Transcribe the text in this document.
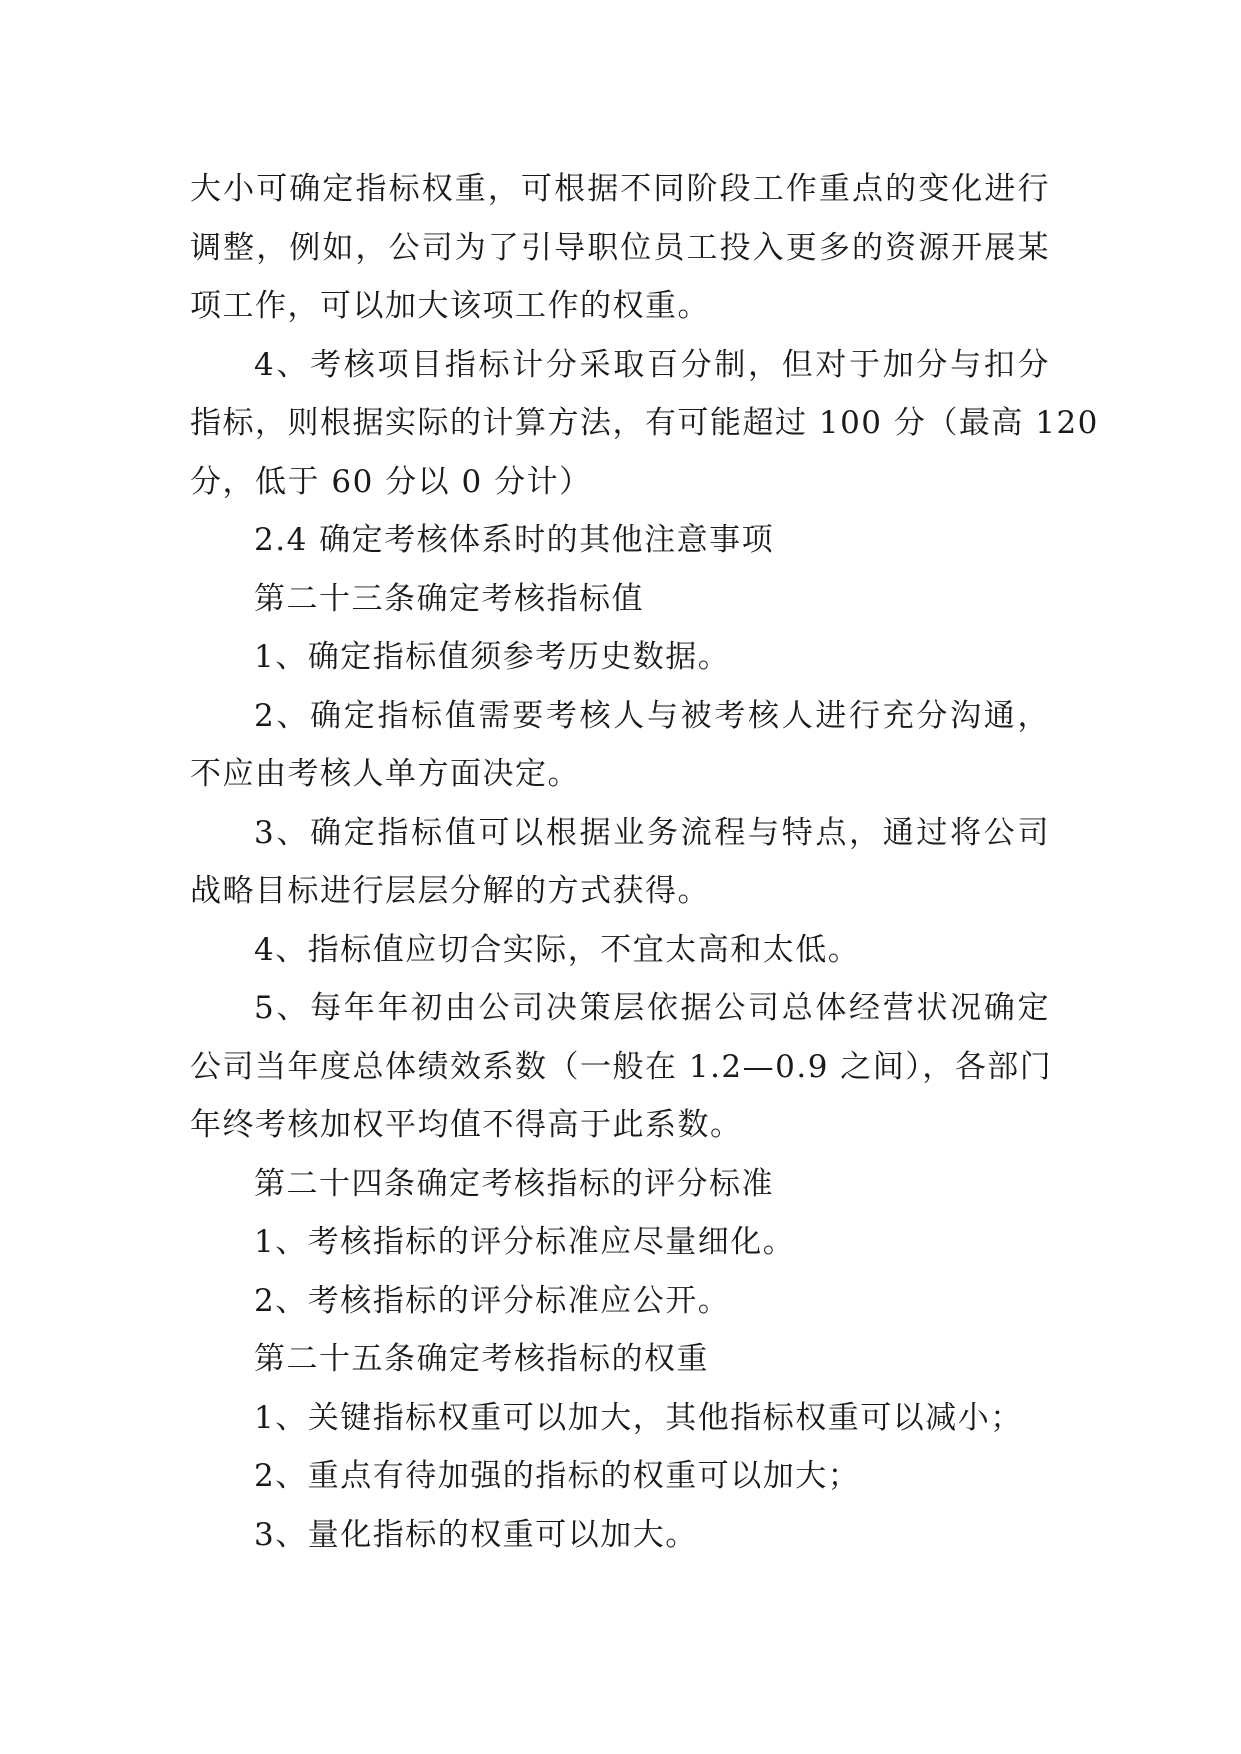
大小可确定指标权重，可根据不同阶段工作重点的变化进行
调整，例如，公司为了引导职位员工投入更多的资源开展某
项工作，可以加大该项工作的权重。
4、考核项目指标计分采取百分制，但对于加分与扣分
指标，则根据实际的计算方法，有可能超过 100 分（最高 120
分，低于 60 分以 0 分计）
2.4 确定考核体系时的其他注意事项
第二十三条确定考核指标值
1、确定指标值须参考历史数据。
2、确定指标值需要考核人与被考核人进行充分沟通，
不应由考核人单方面决定。
3、确定指标值可以根据业务流程与特点，通过将公司
战略目标进行层层分解的方式获得。
4、指标值应切合实际，不宜太高和太低。
5、每年年初由公司决策层依据公司总体经营状况确定
公司当年度总体绩效系数（一般在 1.2—0.9 之间），各部门
年终考核加权平均值不得高于此系数。
第二十四条确定考核指标的评分标准
1、考核指标的评分标准应尽量细化。
2、考核指标的评分标准应公开。
第二十五条确定考核指标的权重
1、关键指标权重可以加大，其他指标权重可以减小；
2、重点有待加强的指标的权重可以加大；
3、量化指标的权重可以加大。
